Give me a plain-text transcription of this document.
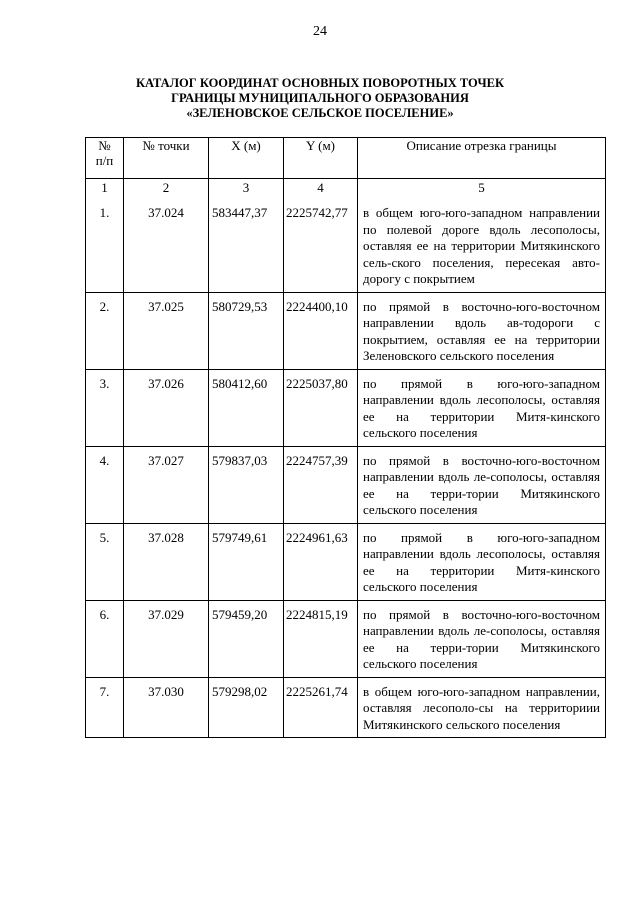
24
КАТАЛОГ КООРДИНАТ ОСНОВНЫХ ПОВОРОТНЫХ ТОЧЕК
ГРАНИЦЫ МУНИЦИПАЛЬНОГО ОБРАЗОВАНИЯ
«ЗЕЛЕНОВСКОЕ СЕЛЬСКОЕ ПОСЕЛЕНИЕ»
№
п/п	№ точки	X (м)	Y (м)	Описание отрезка границы
1	2	3	4	5
1.	37.024	583447,37	2225742,77	в общем юго-юго-западном направлении по полевой дороге вдоль лесополосы, оставляя ее на территории Митякинского сель-ского поселения, пересекая авто-дорогу с покрытием
2.	37.025	580729,53	2224400,10	по прямой в восточно-юго-восточном направлении вдоль ав-тодороги с покрытием, оставляя ее на территории Зеленовского сельского поселения
3.	37.026	580412,60	2225037,80	по прямой в юго-юго-западном направлении вдоль лесополосы, оставляя ее на территории Митя-кинского сельского поселения
4.	37.027	579837,03	2224757,39	по прямой в восточно-юго-восточном направлении вдоль ле-сополосы, оставляя ее на терри-тории Митякинского сельского поселения
5.	37.028	579749,61	2224961,63	по прямой в юго-юго-западном направлении вдоль лесополосы, оставляя ее на территории Митя-кинского сельского поселения
6.	37.029	579459,20	2224815,19	по прямой в восточно-юго-восточном направлении вдоль ле-сополосы, оставляя ее на терри-тории Митякинского сельского поселения
7.	37.030	579298,02	2225261,74	в общем юго-юго-западном направлении, оставляя лесополо-сы на территориии Митякинского сельского поселения
